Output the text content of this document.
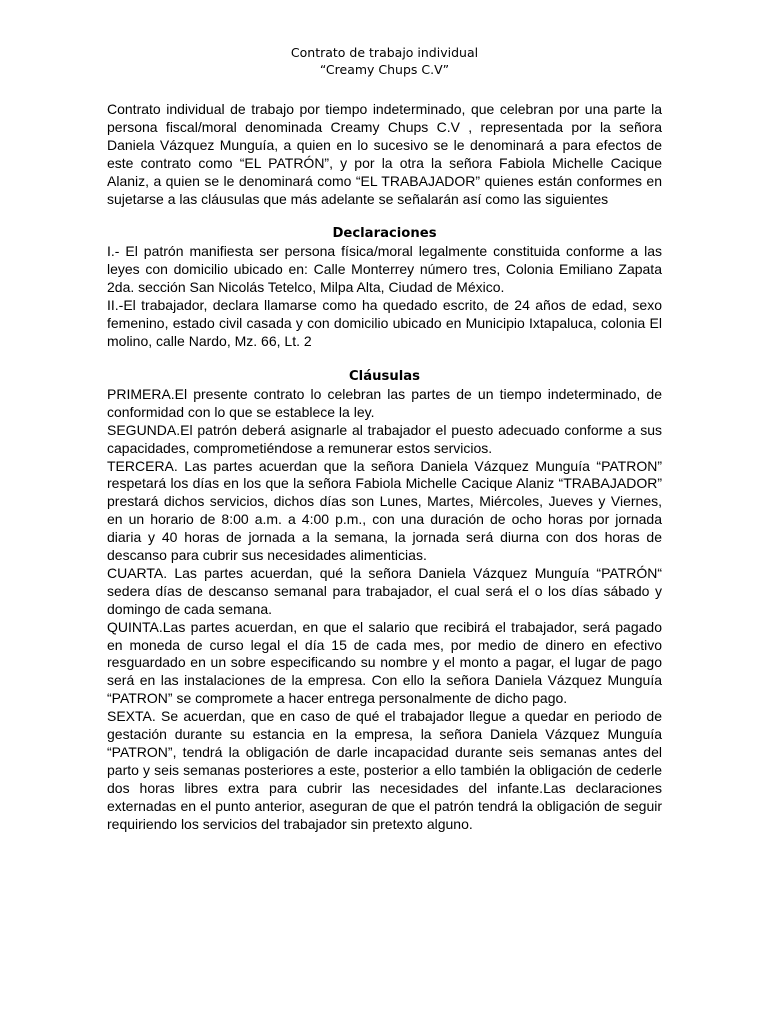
Contrato de trabajo individual
“Creamy Chups C.V”

Contrato individual de trabajo por tiempo indeterminado, que celebran por una parte la persona fiscal/moral denominada Creamy Chups C.V , representada por la señora Daniela Vázquez Munguía, a quien en lo sucesivo se le denominará a para efectos de este contrato como “EL PATRÓN”, y por la otra la señora Fabiola Michelle Cacique Alaniz, a quien se le denominará como “EL TRABAJADOR” quienes están conformes en sujetarse a las cláusulas que más adelante se señalarán así como las siguientes

Declaraciones

I.- El patrón manifiesta ser persona física/moral legalmente constituida conforme a las leyes con domicilio ubicado en: Calle Monterrey número tres, Colonia Emiliano Zapata 2da. sección San Nicolás Tetelco, Milpa Alta, Ciudad de México.

II.-El trabajador, declara llamarse como ha quedado escrito, de 24 años de edad, sexo femenino, estado civil casada y con domicilio ubicado en Municipio Ixtapaluca, colonia El molino, calle Nardo, Mz. 66, Lt. 2

Cláusulas

PRIMERA.El presente contrato lo celebran las partes de un tiempo indeterminado, de conformidad con lo que se establece la ley.

SEGUNDA.El patrón deberá asignarle al trabajador el puesto adecuado conforme a sus capacidades, comprometiéndose a remunerar estos servicios.

TERCERA. Las partes acuerdan que la señora Daniela Vázquez Munguía “PATRON” respetará los días en los que la señora Fabiola Michelle Cacique Alaniz “TRABAJADOR” prestará dichos servicios, dichos días son Lunes, Martes, Miércoles, Jueves y Viernes, en un horario de 8:00 a.m. a 4:00 p.m., con una duración de ocho horas por jornada diaria y 40 horas de jornada a la semana, la jornada será diurna con dos horas de descanso para cubrir sus necesidades alimenticias.

CUARTA. Las partes acuerdan, qué la señora Daniela Vázquez Munguía “PATRÓN“ sedera días de descanso semanal para trabajador, el cual será el o los días sábado y domingo de cada semana.

QUINTA.Las partes acuerdan, en que el salario que recibirá el trabajador, será pagado en moneda de curso legal el día 15 de cada mes, por medio de dinero en efectivo resguardado en un sobre especificando su nombre y el monto a pagar, el lugar de pago será en las instalaciones de la empresa. Con ello la señora Daniela Vázquez Munguía “PATRON” se compromete a hacer entrega personalmente de dicho pago.

SEXTA. Se acuerdan, que en caso de qué el trabajador llegue a quedar en periodo de gestación durante su estancia en la empresa, la señora Daniela Vázquez Munguía “PATRON”, tendrá la obligación de darle incapacidad durante seis semanas antes del parto y seis semanas posteriores a este, posterior a ello también la obligación de cederle dos horas libres extra para cubrir las necesidades del infante.Las declaraciones externadas en el punto anterior, aseguran de que el patrón tendrá la obligación de seguir requiriendo los servicios del trabajador sin pretexto alguno.
